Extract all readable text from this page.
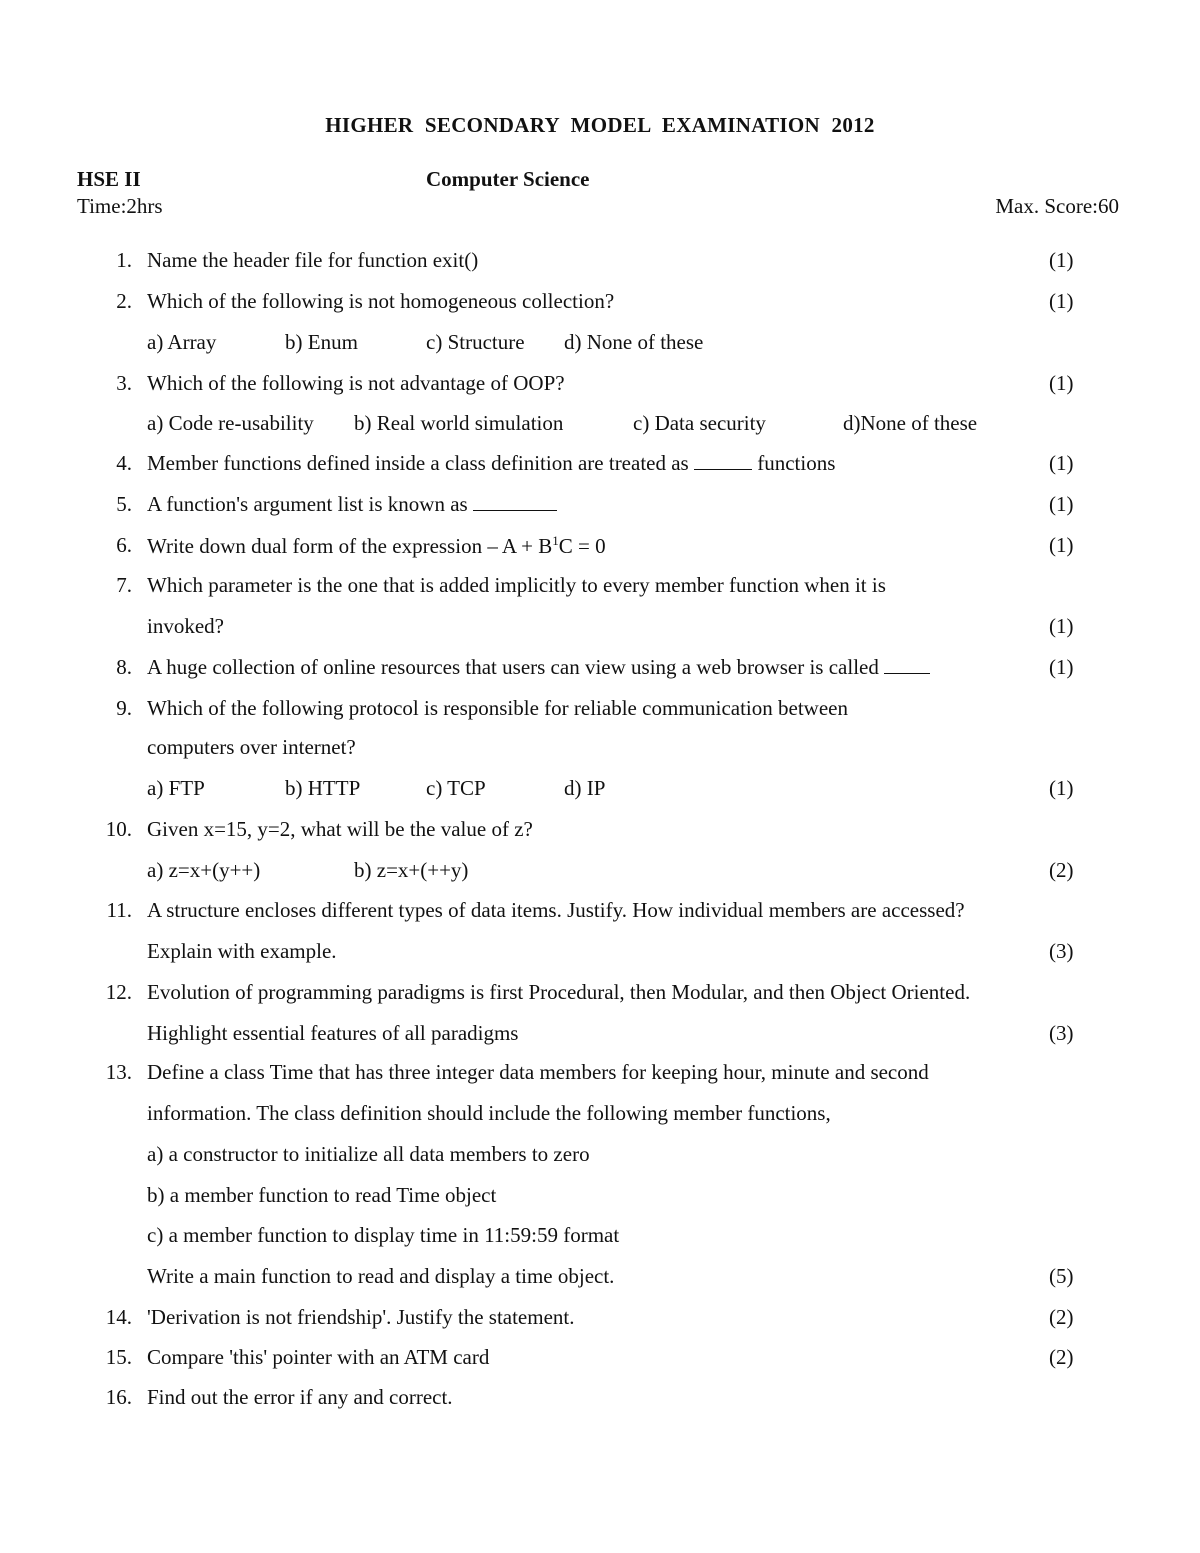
HIGHER SECONDARY MODEL EXAMINATION 2012
HSE II	Computer Science
Time:2hrs	Max. Score:60
1. Name the header file for function exit()	(1)
2. Which of the following is not homogeneous collection?	(1)
a) Array	b) Enum	c) Structure d) None of these
3. Which of the following is not advantage of OOP?	(1)
a) Code re-usability b) Real world simulation	c) Data security	d)None of these
4. Member functions defined inside a class definition are treated as	functions	(1)
5. A function's argument list is known as	(1)
6. Write down dual form of the expression – $A + B^1C = 0$	(1)
7. Which parameter is the one that is added implicitly to every member function when it is
invoked?	(1)
8. A huge collection of online resources that users can view using a web browser is called	(1)
9. Which of the following protocol is responsible for reliable communication between
computers over internet?
a) FTP	b) HTTP	c) TCP	d) IP	(1)
10. Given x=15, y=2, what will be the value of z?
a) z=x+(y++)	b) z=x+(++y)	(2)
11. A structure encloses different types of data items. Justify. How individual members are accessed?
Explain with example.	(3)
12. Evolution of programming paradigms is first Procedural, then Modular, and then Object Oriented.
Highlight essential features of all paradigms	(3)
13. Define a class Time that has three integer data members for keeping hour, minute and second
information. The class definition should include the following member functions,
a) a constructor to initialize all data members to zero
b) a member function to read Time object
c) a member function to display time in 11:59:59 format
Write a main function to read and display a time object.	(5)
14. 'Derivation is not friendship'. Justify the statement.	(2)
15. Compare 'this' pointer with an ATM card	(2)
16. Find out the error if any and correct.
